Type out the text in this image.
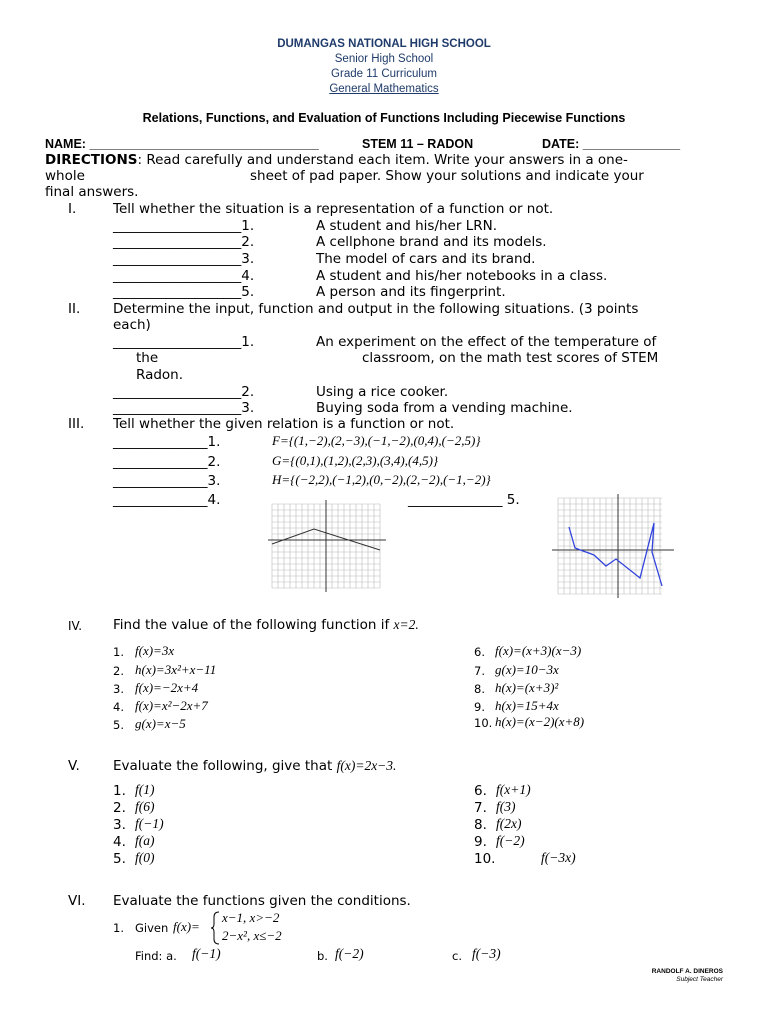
DUMANGAS NATIONAL HIGH SCHOOL
Senior High School
Grade 11 Curriculum
General Mathematics
Relations, Functions, and Evaluation of Functions Including Piecewise Functions
NAME: _________________________________	STEM 11 – RADON	DATE: ______________
DIRECTIONS: Read carefully and understand each item. Write your answers in a one-
whole	sheet of pad paper. Show your solutions and indicate your
final answers.
I.	Tell whether the situation is a representation of a function or not.
___________________1.	A student and his/her LRN.
___________________2.	A cellphone brand and its models.
___________________3.	The model of cars and its brand.
___________________4.	A student and his/her notebooks in a class.
___________________5.	A person and its fingerprint.
II. Determine the input, function and output in the following situations. (3 points
each)
___________________1.	An experiment on the effect of the temperature of
the	classroom, on the math test scores of STEM
Radon.
___________________2.	Using a rice cooker.
___________________3.	Buying soda from a vending machine.
III. Tell whether the given relation is a function or not.
______________1.	F={(1,−2),(2,−3),(−1,−2),(0,4),(−2,5)}
______________2.	G={(0,1),(1,2),(2,3),(3,4),(4,5)}
______________3.	H={(−2,2),(−1,2),(0,−2),(2,−2),(−1,−2)}
______________4.	______________ 5.
IV. Find the value of the following function if x=2.
1. f(x)=3x
2. h(x)=3x²+x−11
3. f(x)=−2x+4
4. f(x)=x²−2x+7
5. g(x)=x−5
6. f(x)=(x+3)(x−3)
7. g(x)=10−3x
8. h(x)=(x+3)²
9. h(x)=15+4x
10. h(x)=(x−2)(x+8)
V. Evaluate the following, give that f(x)=2x−3.
1. f(1)
2. f(6)
3. f(−1)
4. f(a)
5. f(0)
6. f(x+1)
7. f(3)
8. f(2x)
9. f(−2)
10.	f(−3x)
VI. Evaluate the functions given the conditions.
1. Given f(x)=
x−1, x>−2
2−x², x≤−2
Find: a. f(−1)	b. f(−2)	c. f(−3)
RANDOLF A. DINEROS
Subject Teacher
